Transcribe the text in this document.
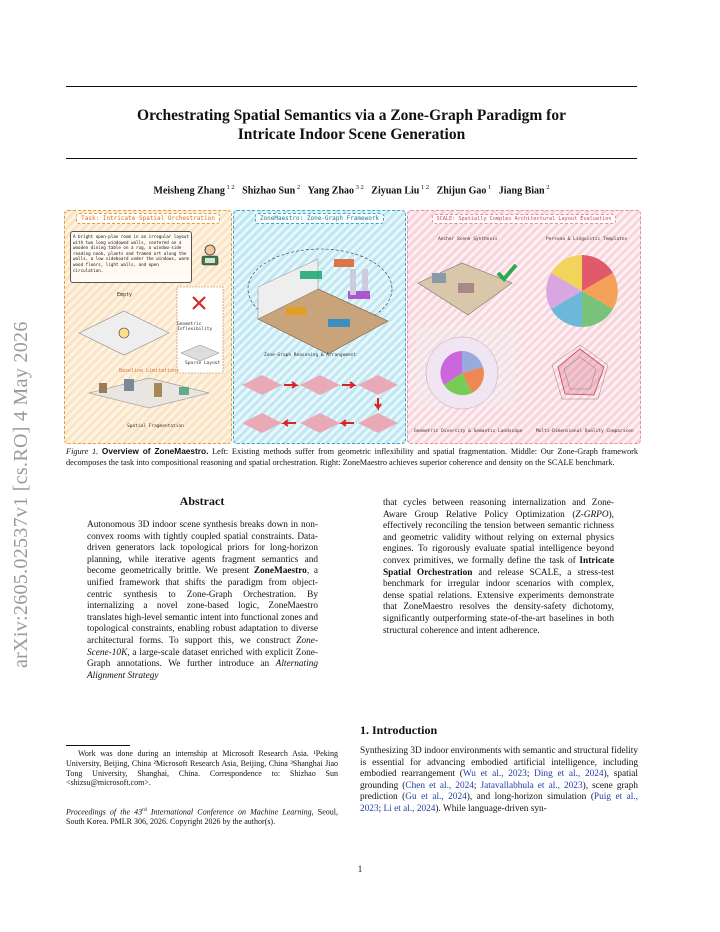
arXiv:2605.02537v1 [cs.RO] 4 May 2026
Orchestrating Spatial Semantics via a Zone-Graph Paradigm for
Intricate Indoor Scene Generation
Meisheng Zhang $^{1 2}$ Shizhao Sun $^2$ Yang Zhao $^{3 2}$ Ziyuan Liu $^{1 2}$ Zhijun Gao $^1$ Jiang Bian $^2$
Task: Intricate Spatial Orchestration
A bright open-plan room in an irregular layout with two long windowed walls, centered on a wooden dining table on a rug, a window-side reading nook, plants and framed art along the walls, a low sideboard under the windows, warm wood floors, light walls, and open circulation.
Empty
Geometric Inflexibility
Sparse Layout
Baseline Limitations
Spatial Fragmentation
ZoneMaestro: Zone-Graph Framework
Zone-Graph Reasoning & Arrangement
SCALE: Spatially Complex Architectural Layout Evaluation
Anchor Scene Synthesis	Persona & Linguistic Templates
Geometric Diversity & Semantic Landscape	Multi-Dimensional Quality Comparison
Figure 1. Overview of ZoneMaestro. Left: Existing methods suffer from geometric inflexibility and spatial fragmentation. Middle: Our Zone-Graph framework decomposes the task into compositional reasoning and spatial orchestration. Right: ZoneMaestro achieves superior coherence and density on the SCALE benchmark.
Abstract
Autonomous 3D indoor scene synthesis breaks down in non-convex rooms with tightly coupled spatial constraints. Data-driven generators lack topological priors for long-horizon planning, while iterative agents fragment semantics and become geometrically brittle. We present ZoneMaestro, a unified framework that shifts the paradigm from object-centric synthesis to Zone-Graph Orchestration. By internalizing a novel zone-based logic, ZoneMaestro translates high-level semantic intent into functional zones and topological constraints, enabling robust adaptation to diverse architectural forms. To support this, we construct Zone-Scene-10K, a large-scale dataset enriched with explicit Zone-Graph annotations. We further introduce an Alternating Alignment Strategy
that cycles between reasoning internalization and Zone-Aware Group Relative Policy Optimization (Z-GRPO), effectively reconciling the tension between semantic richness and geometric validity without relying on external physics engines. To rigorously evaluate spatial intelligence beyond convex primitives, we formally define the task of Intricate Spatial Orchestration and release SCALE, a stress-test benchmark for irregular indoor scenarios with complex, dense spatial relations. Extensive experiments demonstrate that ZoneMaestro resolves the density-safety dichotomy, significantly outperforming state-of-the-art baselines in both structural coherence and intent adherence.
Work was done during an internship at Microsoft Research Asia. ¹Peking University, Beijing, China ²Microsoft Research Asia, Beijing, China ³Shanghai Jiao Tong University, Shanghai, China. Correspondence to: Shizhao Sun <shizsu@microsoft.com>.
Proceedings of the 43rd International Conference on Machine Learning, Seoul, South Korea. PMLR 306, 2026. Copyright 2026 by the author(s).
1. Introduction
Synthesizing 3D indoor environments with semantic and structural fidelity is essential for advancing embodied artificial intelligence, including embodied rearrangement (Wu et al., 2023; Ding et al., 2024), spatial grounding (Chen et al., 2024; Jatavallabhula et al., 2023), scene graph prediction (Gu et al., 2024), and long-horizon simulation (Puig et al., 2023; Li et al., 2024). While language-driven syn-
1
